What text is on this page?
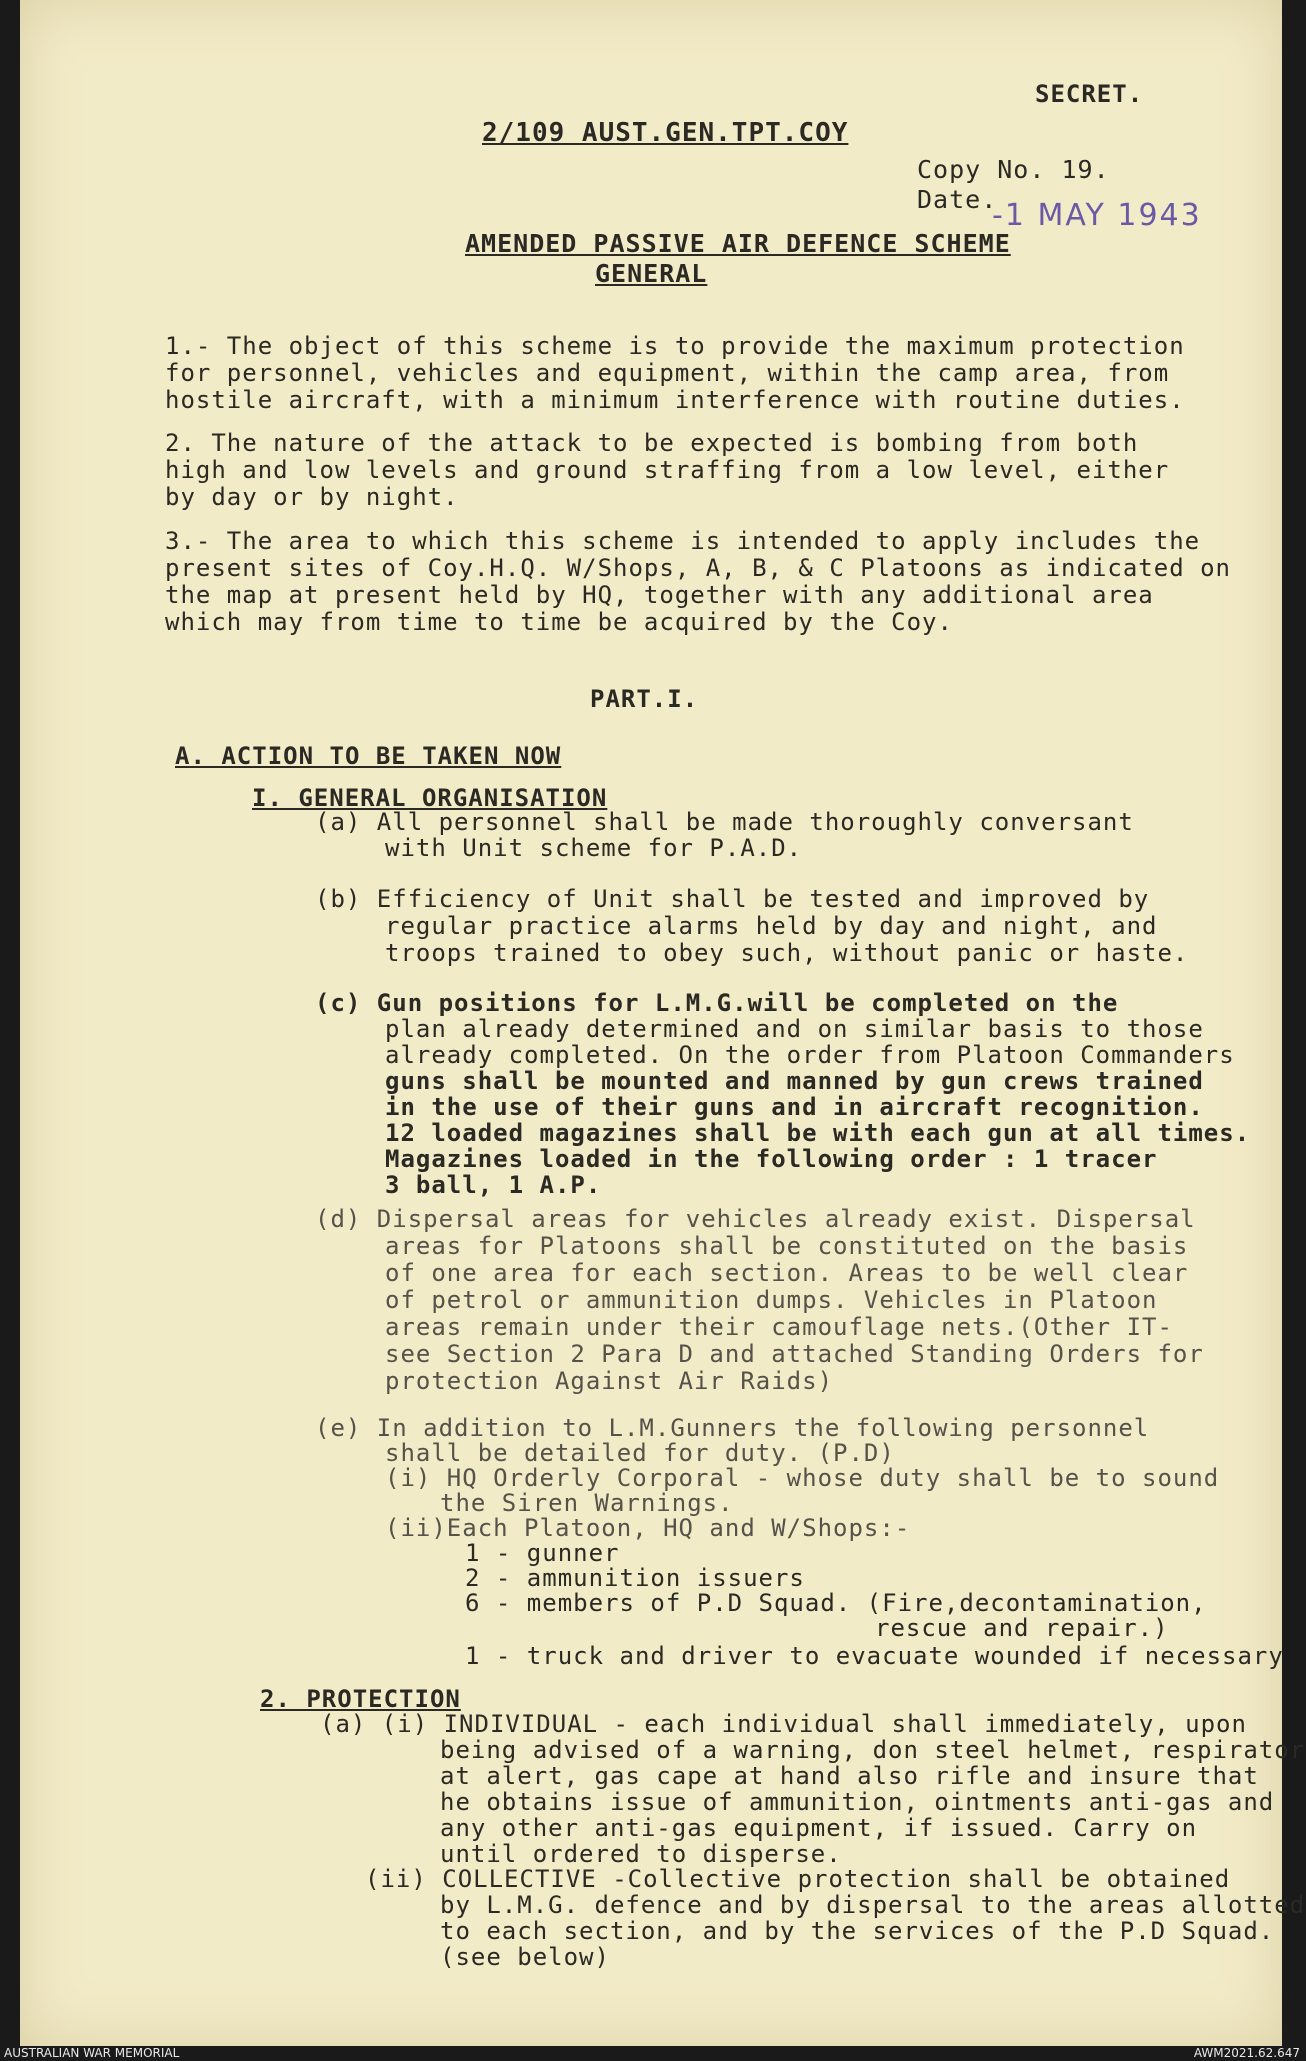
SECRET.
2/109 AUST.GEN.TPT.COY
Copy No. 19.
Date.
-1 MAY 1943
AMENDED PASSIVE AIR DEFENCE SCHEME
GENERAL
1.- The object of this scheme is to provide the maximum protection
for personnel, vehicles and equipment, within the camp area, from
hostile aircraft, with a minimum interference with routine duties.
2. The nature of the attack to be expected is bombing from both
high and low levels and ground straffing from a low level, either
by day or by night.
3.- The area to which this scheme is intended to apply includes the
present sites of Coy.H.Q. W/Shops, A, B, & C Platoons as indicated on
the map at present held by HQ, together with any additional area
which may from time to time be acquired by the Coy.
PART.I.
A. ACTION TO BE TAKEN NOW
I. GENERAL ORGANISATION
(a) All personnel shall be made thoroughly conversant
with Unit scheme for P.A.D.
(b) Efficiency of Unit shall be tested and improved by
regular practice alarms held by day and night, and
troops trained to obey such, without panic or haste.
(c) Gun positions for L.M.G.will be completed on the
plan already determined and on similar basis to those
already completed. On the order from Platoon Commanders
guns shall be mounted and manned by gun crews trained
in the use of their guns and in aircraft recognition.
12 loaded magazines shall be with each gun at all times.
Magazines loaded in the following order : 1 tracer
3 ball, 1 A.P.
(d) Dispersal areas for vehicles already exist. Dispersal
areas for Platoons shall be constituted on the basis
of one area for each section. Areas to be well clear
of petrol or ammunition dumps. Vehicles in Platoon
areas remain under their camouflage nets.(Other IT-
see Section 2 Para D and attached Standing Orders for
protection Against Air Raids)
(e) In addition to L.M.Gunners the following personnel
shall be detailed for duty. (P.D)
(i) HQ Orderly Corporal - whose duty shall be to sound
the Siren Warnings.
(ii)Each Platoon, HQ and W/Shops:-
1 - gunner
2 - ammunition issuers
6 - members of P.D Squad. (Fire,decontamination,
rescue and repair.)
1 - truck and driver to evacuate wounded if necessary
2. PROTECTION
(a) (i) INDIVIDUAL - each individual shall immediately, upon
being advised of a warning, don steel helmet, respirator
at alert, gas cape at hand also rifle and insure that
he obtains issue of ammunition, ointments anti-gas and
any other anti-gas equipment, if issued. Carry on
until ordered to disperse.
(ii) COLLECTIVE -Collective protection shall be obtained
by L.M.G. defence and by dispersal to the areas allotted
to each section, and by the services of the P.D Squad.
(see below)
AUSTRALIAN WAR MEMORIAL	AWM2021.62.647
